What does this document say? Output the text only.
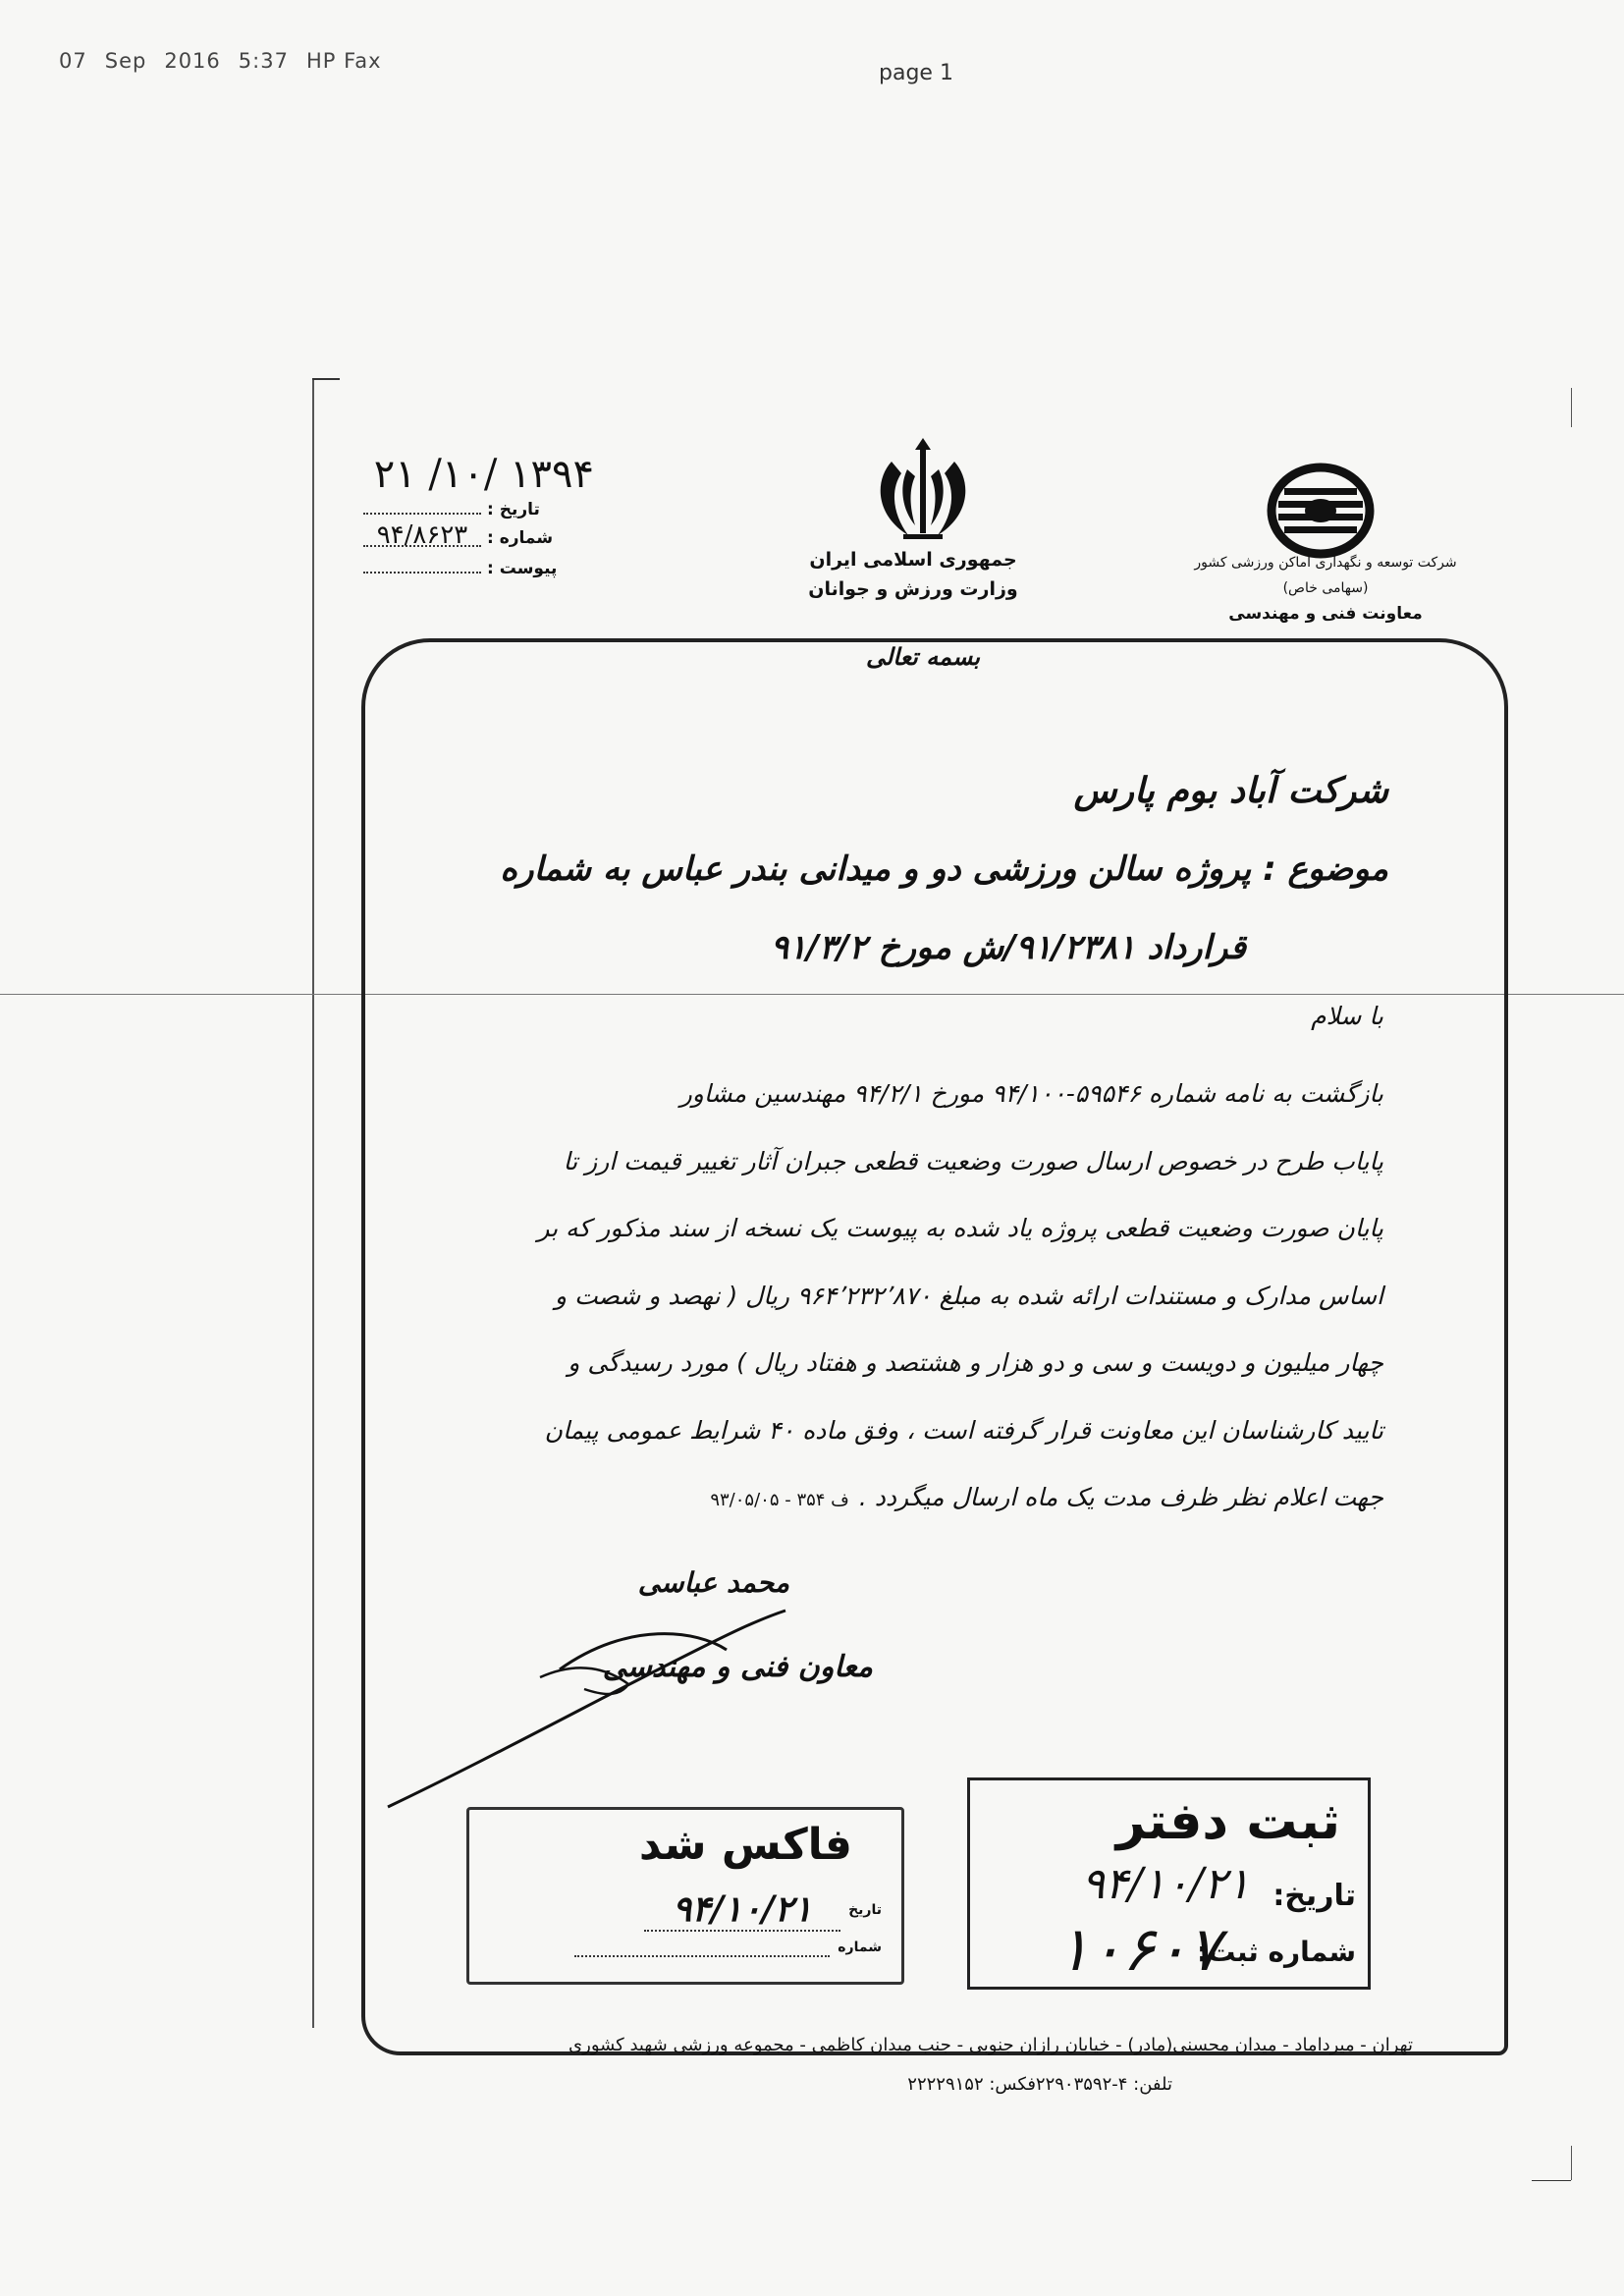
07 Sep 2016 5:37 HP Fax	page 1
۱۳۹۴ /۱۰/ ۲۱
تاریخ :
شماره :
۹۴/۸۶۲۳
پیوست :	جمهوری اسلامی ایران
وزارت ورزش و جوانان
شرکت توسعه و نگهداری اماکن ورزشی کشور
(سهامی خاص)
معاونت فنی و مهندسی
بسمه تعالی
شرکت آباد بوم پارس
موضوع : پروژه سالن ورزشی دو و میدانی بندر عباس به شماره
قرارداد ۹۱/۲۳۸۱/ش مورخ ۹۱/۳/۲
با سلام
بازگشت به نامه شماره ۵۹۵۴۶-۹۴/۱۰۰ مورخ ۹۴/۲/۱ مهندسین مشاور
پایاب طرح در خصوص ارسال صورت وضعیت قطعی جبران آثار تغییر قیمت ارز تا
پایان صورت وضعیت قطعی پروژه یاد شده به پیوست یک نسخه از سند مذکور که بر
اساس مدارک و مستندات ارائه شده به مبلغ ۹۶۴٬۲۳۲٬۸۷۰ ریال ( نهصد و شصت و
چهار میلیون و دویست و سی و دو هزار و هشتصد و هفتاد ریال ) مورد رسیدگی و
تایید کارشناسان این معاونت قرار گرفته است ، وفق ماده ۴۰ شرایط عمومی پیمان
جهت اعلام نظر ظرف مدت یک ماه ارسال میگردد .ف ۳۵۴ - ۹۳/۰۵/۰۵
محمد عباسی
معاون فنی و مهندسی
فاکس شد
تاریخ
۹۴/۱۰/۲۱
شماره
ثبت دفتر
تاریخ:
۹۴/۱۰/۲۱
شماره ثبت:
۱۰۶۰۷
تهران - میرداماد - میدان محسنی(مادر) - خیابان رازان جنوبی - جنب میدان کاظمی - مجموعه ورزشی شهید کشوری
تلفن: ۴-۲۲۹۰۳۵۹۲فکس: ۲۲۲۲۹۱۵۲
